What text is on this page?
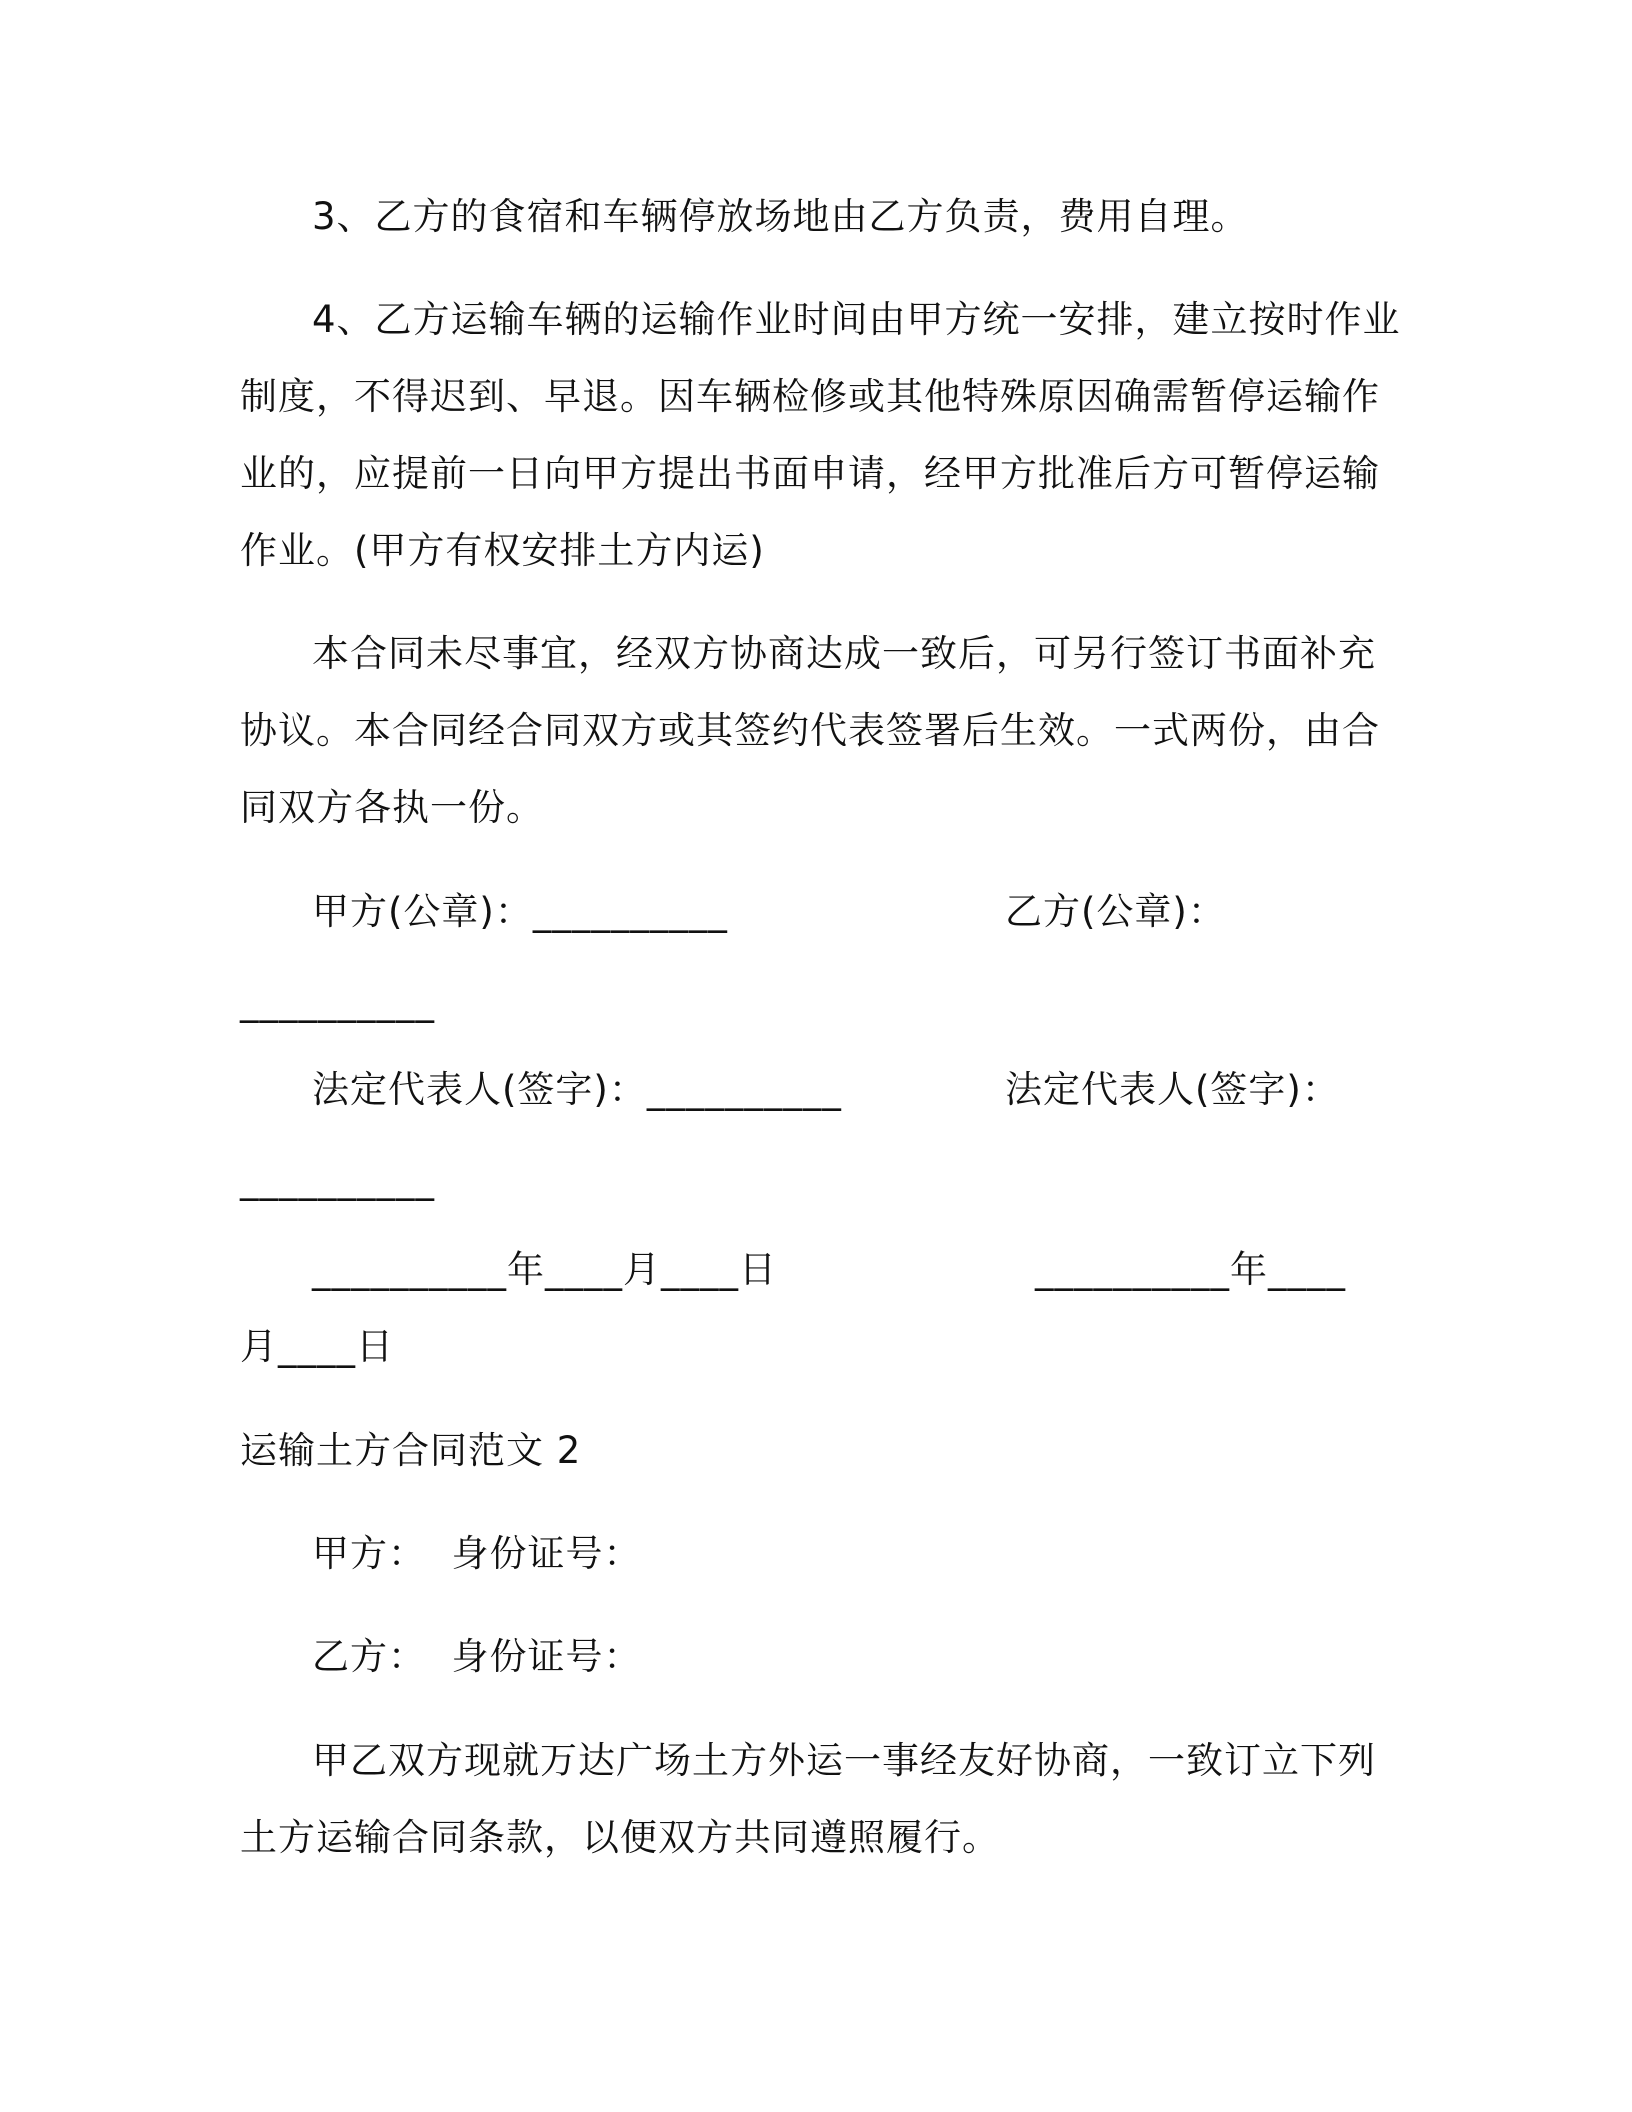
3、乙方的食宿和车辆停放场地由乙方负责，费用自理。
4、乙方运输车辆的运输作业时间由甲方统一安排，建立按时作业
制度，不得迟到、早退。因车辆检修或其他特殊原因确需暂停运输作
业的，应提前一日向甲方提出书面申请，经甲方批准后方可暂停运输
作业。(甲方有权安排土方内运)
本合同未尽事宜，经双方协商达成一致后，可另行签订书面补充
协议。本合同经合同双方或其签约代表签署后生效。一式两份，由合
同双方各执一份。
甲方(公章)：__________	乙方(公章)：
__________
法定代表人(签字)：__________	法定代表人(签字)：
__________
__________年____月____日	__________年____
月____日
运输土方合同范文 2
甲方：  身份证号：
乙方：  身份证号：
甲乙双方现就万达广场土方外运一事经友好协商，一致订立下列
土方运输合同条款，以便双方共同遵照履行。
